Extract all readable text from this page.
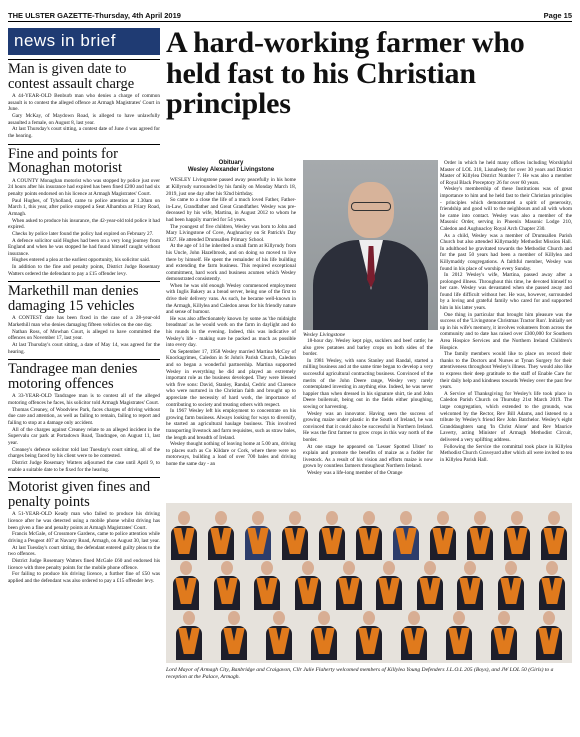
THE ULSTER GAZETTE-Thursday, 4th April 2019	Page 15
news in brief
Man is given date to contest assault charge

A 44-YEAR-OLD Benburb man who denies a charge of common assault is to contest the alleged offence at Armagh Magistrates' Court in June.

Gary McKay, of Maydown Road, is alleged to have unlawfully assaulted a female, on August 8, last year.

At last Thursday's court sitting, a contest date of June 4 was agreed for the hearing.

Fine and points for Monaghan motorist

A COUNTY Monaghan motorist who was stopped by police just over 24 hours after his insurance had expired has been fined £200 and had six penalty points endorsed on his licence at Armagh Magistrates' Court.

Paul Hughes, of Tyholland, came to police attention at 1.30am on March 1, this year, after police stopped a Seat Alhambra at Friary Road, Armagh.

When asked to produce his insurance, the 42-year-old told police it had expired.

Checks by police later found the policy had expired on February 27.

A defence solicitor said Hughes had been on a very long journey from England and when he was stopped he had found himself caught without insurance.

Hughes entered a plea at the earliest opportunity, his solicitor said.

In addition to the fine and penalty points, District Judge Rosemary Watters ordered the defendant to pay a £15 offender levy.

Markethill man denies damaging 15 vehicles

A CONTEST date has been fixed in the case of a 28-year-old Markethill man who denies damaging fifteen vehicles on the one day.

Nathan Ross, of Mowhan Court, is alleged to have committed the offences on November 17, last year.

At last Thursday's court sitting, a date of May 14, was agreed for the hearing.

Tandragee man denies motoring offences

A 33-YEAR-OLD Tandragee man is to contest all of the alleged motoring offences he faces, his solicitor told Armagh Magistrates' Court.

Thomas Creaney, of Woodview Park, faces charges of driving without due care and attention, as well as failing to remain, failing to report and failing to stop at a damage only accident.

All of the charges against Creaney relate to an alleged incident in the Supervalu car park at Portadown Road, Tandragee, on August 11, last year.

Creaney's defence solicitor told last Tuesday's court sitting, all of the charges being faced by his client were to be contested.

District Judge Rosemary Watters adjourned the case until April 9, to enable a suitable date to be fixed for the hearing.

Motorist given fines and penalty points

A 51-YEAR-OLD Keady man who failed to produce his driving licence after he was detected using a mobile phone whilst driving has been given a fine and penalty points at Armagh Magistrates' Court.

Francis McGale, of Crossmore Gardens, came to police attention while driving a Peugeot 407 at Navarry Road, Armagh, on August 30, last year.

At last Tuesday's court sitting, the defendant entered guilty pleas to the two offences.

District Judge Rosemary Watters fined McGale £60 and endorsed his licence with three penalty points for the mobile phone offence.

For failing to produce his driving licence, a further fine of £50 was applied and the defendant was also ordered to pay a £15 offender levy.

A hard-working farmer who held fast to his Christian principles
Obituary
Wesley Alexander Livingstone

WESLEY Livingstone passed away peacefully in his home at Killyrudy surrounded by his family on Monday March 18, 2019, just one day after his 92nd birthday.

So came to a close the life of a much loved Father, Father-in-Law, Grandfather and Great Grandfather. Wesley was pre-deceased by his wife, Martina, in August 2012 to whom he had been happily married for 54 years.

The youngest of five children, Wesley was born to John and Mary Livingstone of Cove, Aughnacloy on St Patrick's Day 1927. He attended Drumsallen Primary School.

At the age of 14 he inherited a small farm at Killyrudy from his Uncle, John Hazelbrook, and on doing so moved to live there by himself. He spent the remainder of his life building and extending the farm business. This required exceptional commitment, hard work and business acumen which Wesley demonstrated consistently.

When he was old enough Wesley commenced employment with Inglis Bakery as a bread server, being one of the first to drive their delivery vans. As such, he became well-known in the Armagh, Killylea and Caledon areas for his friendly nature and sense of humour.

He was also affectionately known by some as 'the midnight breadman' as he would work on the farm in daylight and do his rounds in the evening. Indeed, this was indicative of Wesley's life - making sure he packed as much as possible into every day.

On September 17, 1958 Wesley married Martina McCoy of Knockagrimes, Caledon in St John's Parish Church, Caledon and so began a wonderful partnership. Martina supported Wesley in everything he did and played an extremely important role as the business developed. They were blessed with five sons: David, Stanley, Randal, Cedric and Clarence who were nurtured in the Christian faith and brought up to appreciate the necessity of hard work, the importance of contributing to society and treating others with respect.

In 1967 Wesley left his employment to concentrate on his growing farm business. Always looking for ways to diversify, he started an agricultural haulage business. This involved transporting livestock and farm requisites, such as straw bales, the length and breadth of Ireland.

Wesley thought nothing of leaving home at 5.00 am, driving to places such as Co Kildare or Cork, where there were no motorways, building a load of over 700 bales and driving home the same day - an

18-hour day. Wesley kept pigs, sucklers and beef cattle; he also grew potatoes and barley crops on both sides of the border.

In 1981 Wesley, with sons Stanley and Randal, started a milling business and at the same time began to develop a very successful agricultural contracting business. Convinced of the merits of the John Deere range, Wesley very rarely contemplated investing in anything else. Indeed, he was never happier than when dressed in his signature shirt, tie and John Deere boilersuit, being out in the fields either ploughing, sowing or harvesting.

Wesley was an innovator. Having seen the success of growing maize under plastic in the South of Ireland, he was convinced that it could also be successful in Northern Ireland. He was the first farmer to grow crops in this way north of the border.

At one stage he appeared on 'Lesser Spotted Ulster' to explain and promote the benefits of maize as a fodder for livestock. As a result of his vision and efforts maize is now grown by countless farmers throughout Northern Ireland.

Wesley was a life-long member of the Orange

Order in which he held many offices including Worshipful Master of LOL 318, Lisnafeedy for over 30 years and District Master of Killylea District Number 7. He was also a member of Royal Black Preceptory 26 for over 60 years.

Wesley's membership of these Institutions was of great importance to him and he held fast to their Christian principles - principles which demonstrated a spirit of generosity, friendship and good will to the neighbours and all with whom he came into contact. Wesley was also a member of the Masonic Order, serving in Phoenix Masonic Lodge 210, Caledon and Aughnacloy Royal Arch Chapter 230.

As a child, Wesley was a member of Drumsallen Parish Church but also attended Killymaddy Methodist Mission Hall. In adulthood he gravitated towards the Methodist Church and for the past 50 years had been a member of Killylea and Killymaddy congregations. A faithful member, Wesley was found in his place of worship every Sunday.

In 2012 Wesley's wife, Martina, passed away after a prolonged illness. Throughout this time, he devoted himself to her care. Wesley was devastated when she passed away and found life difficult without her. He was, however, surrounded by a loving and grateful family who cared for and supported him in his latter years.

One thing in particular that brought him pleasure was the success of the 'Livingstone Christmas Tractor Run'. Initially set up in his wife's memory, it involves volunteers from across the community and to date has raised over £300,000 for Southern Area Hospice Services and the Northern Ireland Children's Hospice.

The family members would like to place on record their thanks to the Doctors and Nurses at Tynan Surgery for their attentiveness throughout Wesley's illness. They would also like to express their deep gratitude to the staff of Enable Care for their daily help and kindness towards Wesley over the past few years.

A Service of Thanksgiving for Wesley's life took place in Caledon Parish Church on Thursday 21st March 2019. The large congregation, which extended to the grounds, was welcomed by the Rector, Rev Bill Adams, and listened to a tribute by Wesley's friend Rev John Batchelor. Wesley's eight Granddaughters sang 'In Christ Alone' and Rev Maurice Laverty, acting Minister of Armagh Methodist Circuit, delivered a very uplifting address.

Following the Service the committal took place in Killylea Methodist Church Graveyard after which all were invited to tea in Killylea Parish Hall.

Wesley Livingstone
Lord Mayor of Armagh City, Banbridge and Craigavon, Cllr Julie Flaherty welcomed members of Killylea Young Defenders J.L.O.L 205 (Boys), and JW LOL 50 (Girls) to a reception at the Palace, Armagh.
